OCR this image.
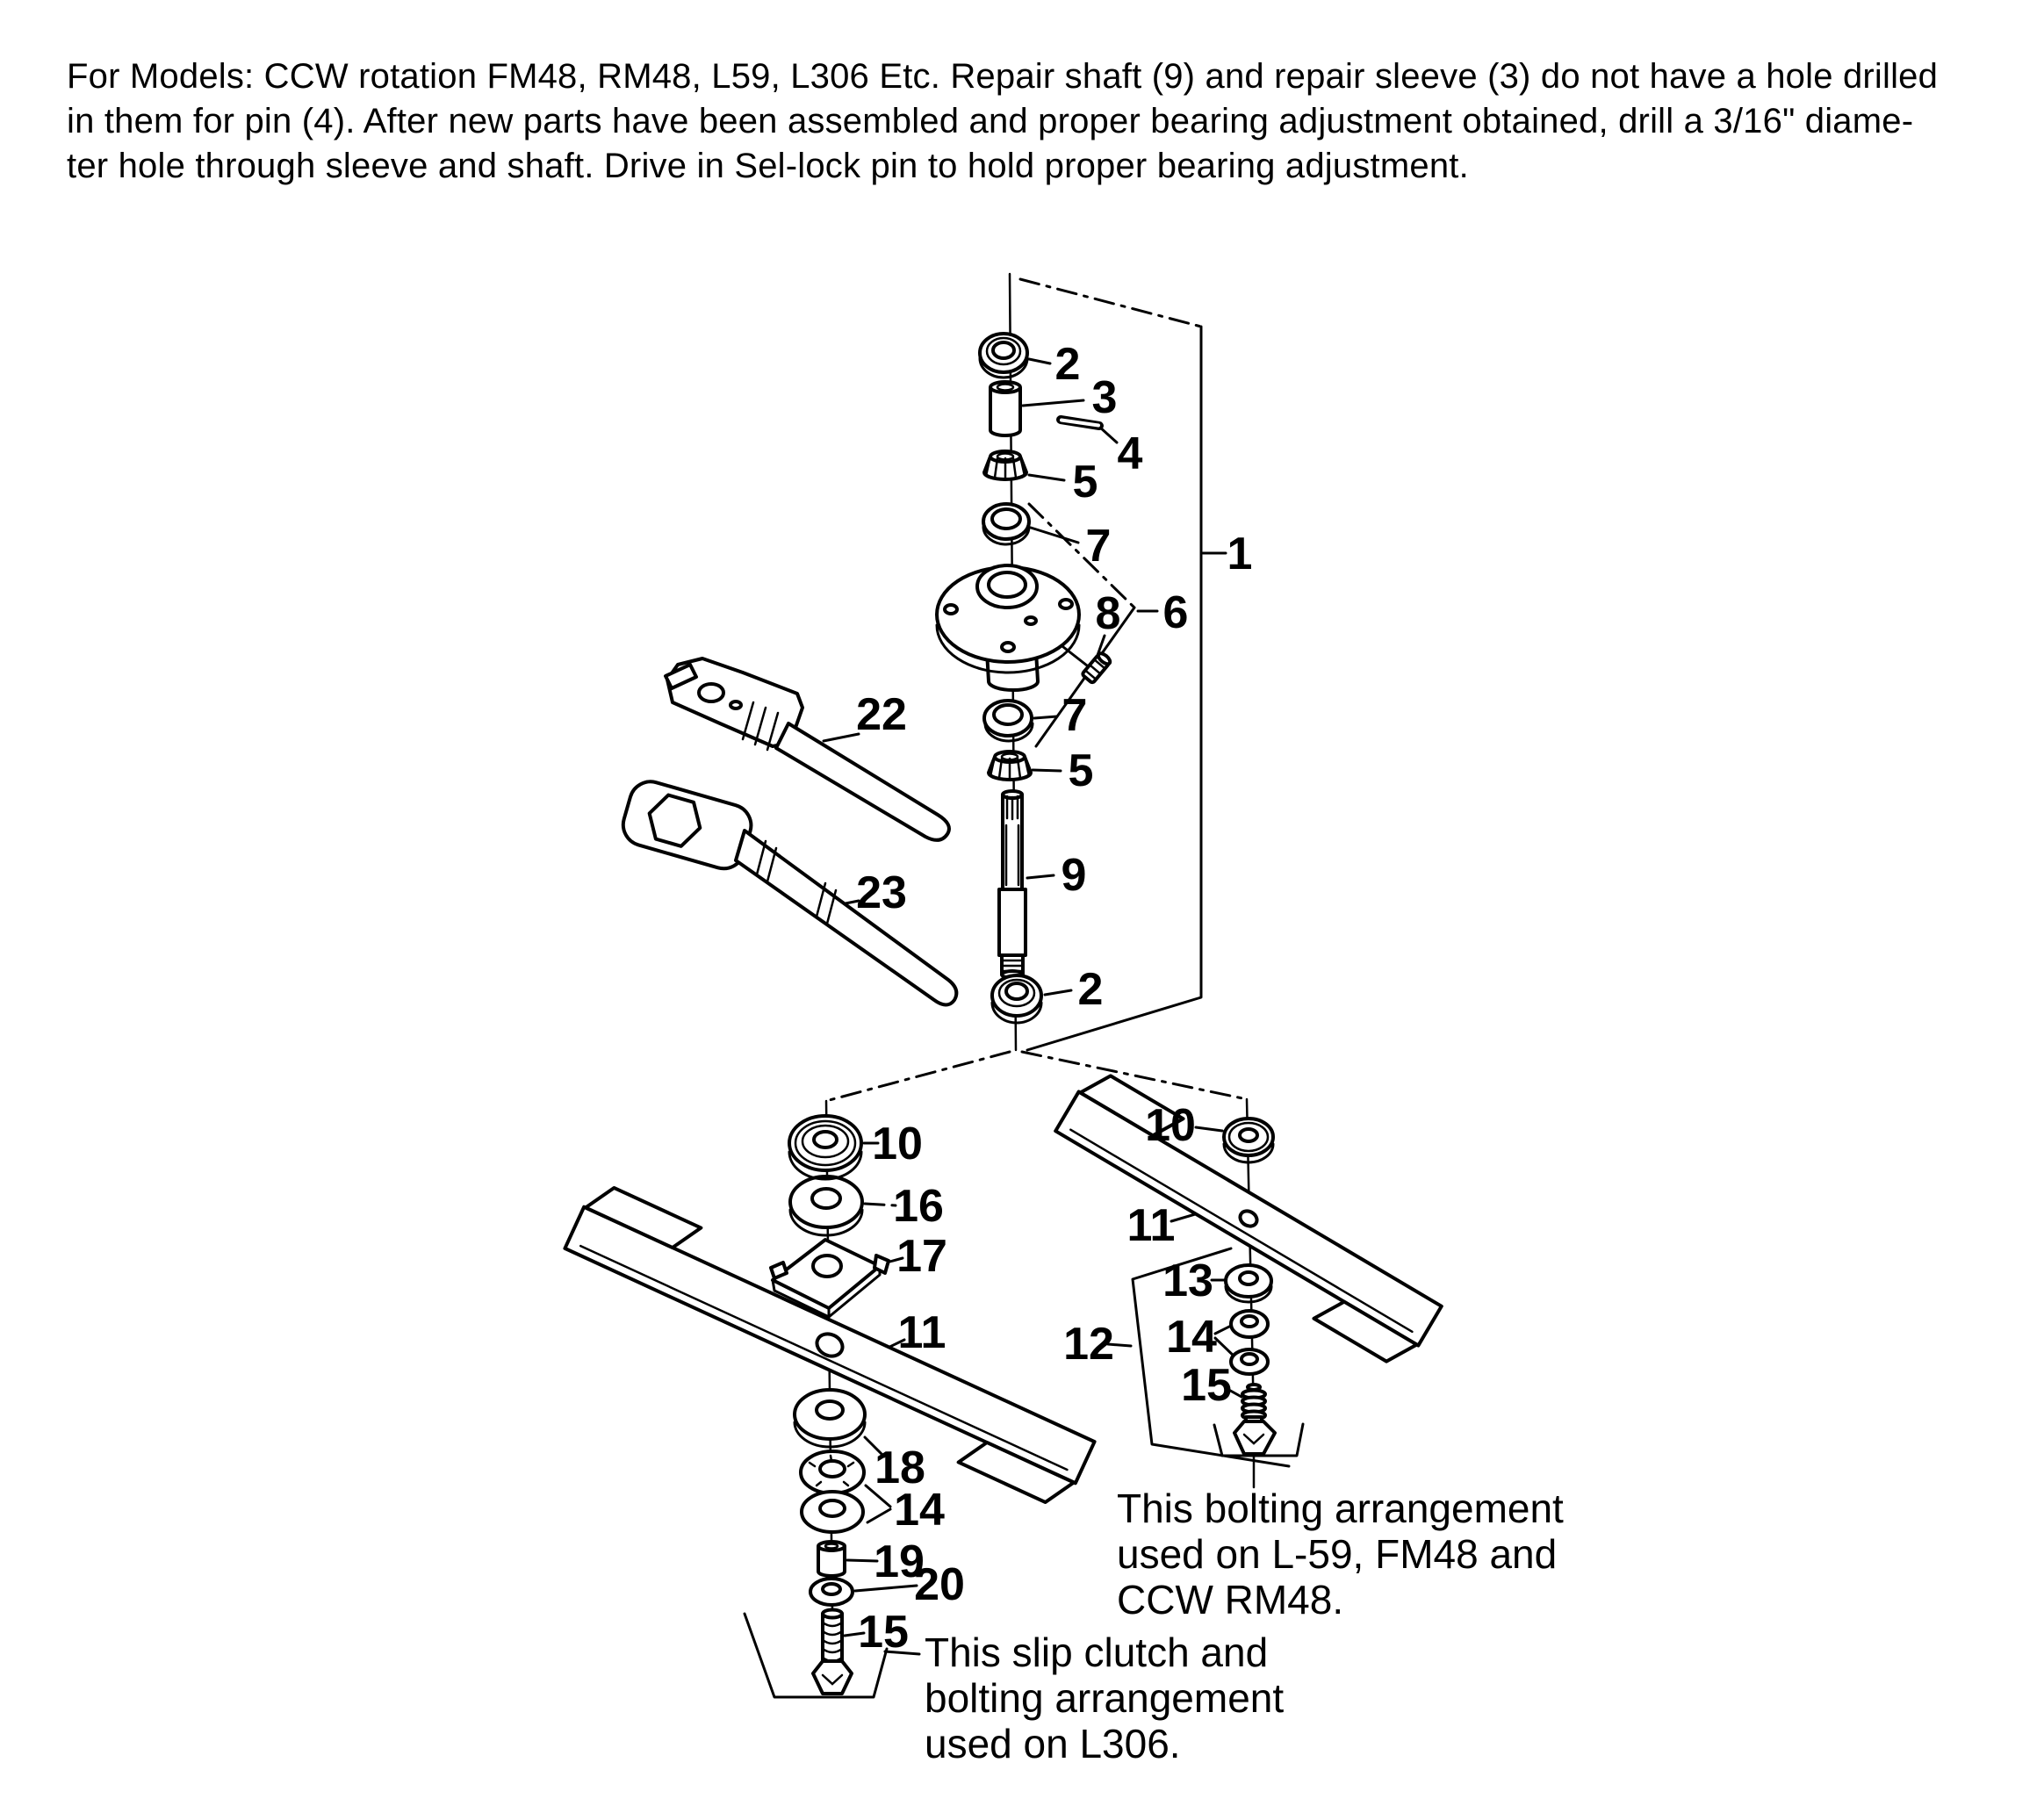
For Models: CCW rotation FM48, RM48, L59, L306 Etc. Repair shaft (9) and repair sleeve (3) do not have a hole drilled
in them for pin (4). After new parts have been assembled and proper bearing adjustment obtained, drill a 3/16" diame-
ter hole through sleeve and shaft. Drive in Sel-lock pin to hold proper bearing adjustment.
1
2
3
4
5
7
6
8
7
5
9
2
22
23
10
16
17
11
18
14
19
20
15
10
11
13
12 14
15
This bolting arrangement
used on L-59, FM48 and
CCW RM48.
This slip clutch and
bolting arrangement
used on L306.
